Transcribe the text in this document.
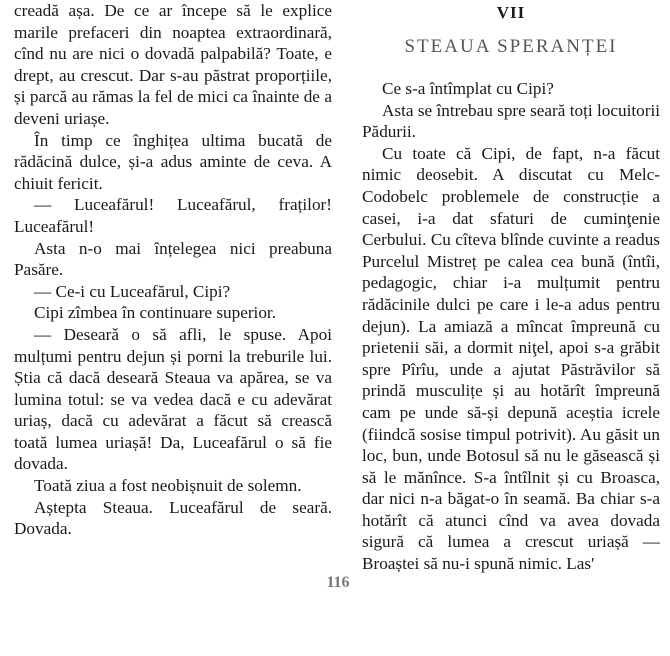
creadă așa. De ce ar începe să le explice marile prefaceri din noaptea extraordinară, cînd nu are nici o dovadă palpabilă? Toate, e drept, au crescut. Dar s-au păstrat proporțiile, și parcă au rămas la fel de mici ca înainte de a deveni uriașe.

În timp ce înghițea ultima bucată de rădăcină dulce, și-a adus aminte de ceva. A chiuit fericit.

— Luceafărul! Luceafărul, fraților! Luceafărul!

Asta n-o mai înțelegea nici preabuna Pasăre.

— Ce-i cu Luceafărul, Cipi?

Cipi zîmbea în continuare superior.

— Desearǎ o să afli, le spuse. Apoi mulțumi pentru dejun și porni la treburile lui. Știa că dacă deseară Steaua va apărea, se va lumina totul: se va vedea dacă e cu adevărat uriaș, dacă cu adevărat a făcut să crească toată lumea uriașă! Da, Luceafărul o să fie dovada.

Toată ziua a fost neobișnuit de solemn.

Aștepta Steaua. Luceafărul de seară. Dovada.

VII
STEAUA SPERANȚEI

Ce s-a întîmplat cu Cipi?

Asta se întrebau spre seară toți locuitorii Pădurii.

Cu toate că Cipi, de fapt, n-a făcut nimic deosebit. A discutat cu Melc-Codobelc problemele de construcție a casei, i-a dat sfaturi de cuminţenie Cerbului. Cu cîteva blînde cuvinte a readus Purcelul Mistreț pe calea cea bună (întîi, pedagogic, chiar i-a mulțumit pentru rădăcinile dulci pe care i le-a adus pentru dejun). La amiază a mîncat împreună cu prietenii săi, a dormit niţel, apoi s-a grăbit spre Pîrîu, unde a ajutat Păstrăvilor să prindă musculițe și au hotărît împreună cam pe unde să-și depună aceștia icrele (fiindcă sosise timpul potrivit). Au găsit un loc, bun, unde Botosul să nu le găsească și să le mănînce. S-a întîlnit și cu Broasca, dar nici n-a băgat-o în seamă. Ba chiar s-a hotărît că atunci cînd va avea dovada sigură că lumea a crescut uriașă — Broaștei să nu-i spună nimic. Las'

116
